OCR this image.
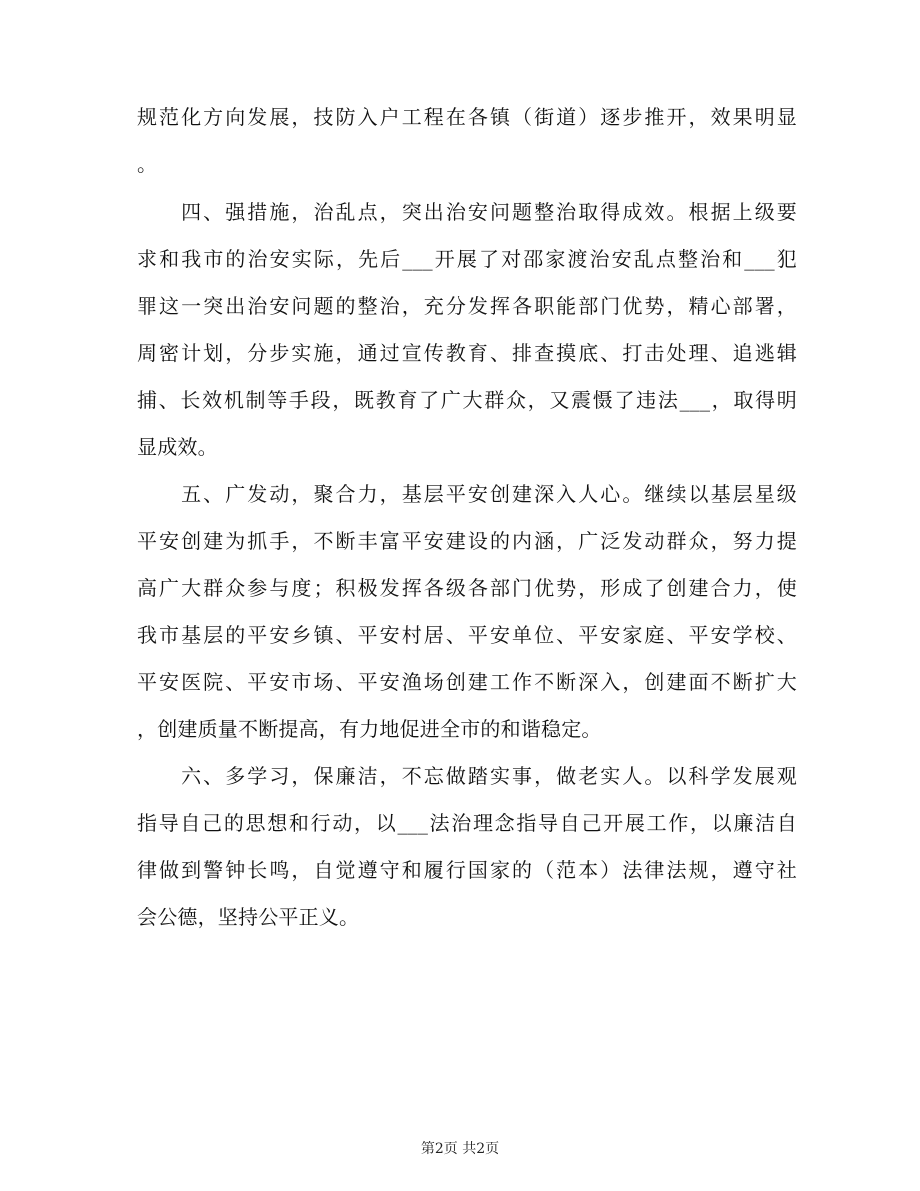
规范化方向发展，技防入户工程在各镇（街道）逐步推开，效果明显
。
　　四、强措施，治乱点，突出治安问题整治取得成效。根据上级要
求和我市的治安实际，先后___开展了对邵家渡治安乱点整治和___犯
罪这一突出治安问题的整治，充分发挥各职能部门优势，精心部署，
周密计划，分步实施，通过宣传教育、排查摸底、打击处理、追逃辑
捕、长效机制等手段，既教育了广大群众，又震慑了违法___，取得明
显成效。
　　五、广发动，聚合力，基层平安创建深入人心。继续以基层星级
平安创建为抓手，不断丰富平安建设的内涵，广泛发动群众，努力提
高广大群众参与度；积极发挥各级各部门优势，形成了创建合力，使
我市基层的平安乡镇、平安村居、平安单位、平安家庭、平安学校、
平安医院、平安市场、平安渔场创建工作不断深入，创建面不断扩大
，创建质量不断提高，有力地促进全市的和谐稳定。
　　六、多学习，保廉洁，不忘做踏实事，做老实人。以科学发展观
指导自己的思想和行动，以___法治理念指导自己开展工作，以廉洁自
律做到警钟长鸣，自觉遵守和履行国家的（范本）法律法规，遵守社
会公德，坚持公平正义。
第2页 共2页
